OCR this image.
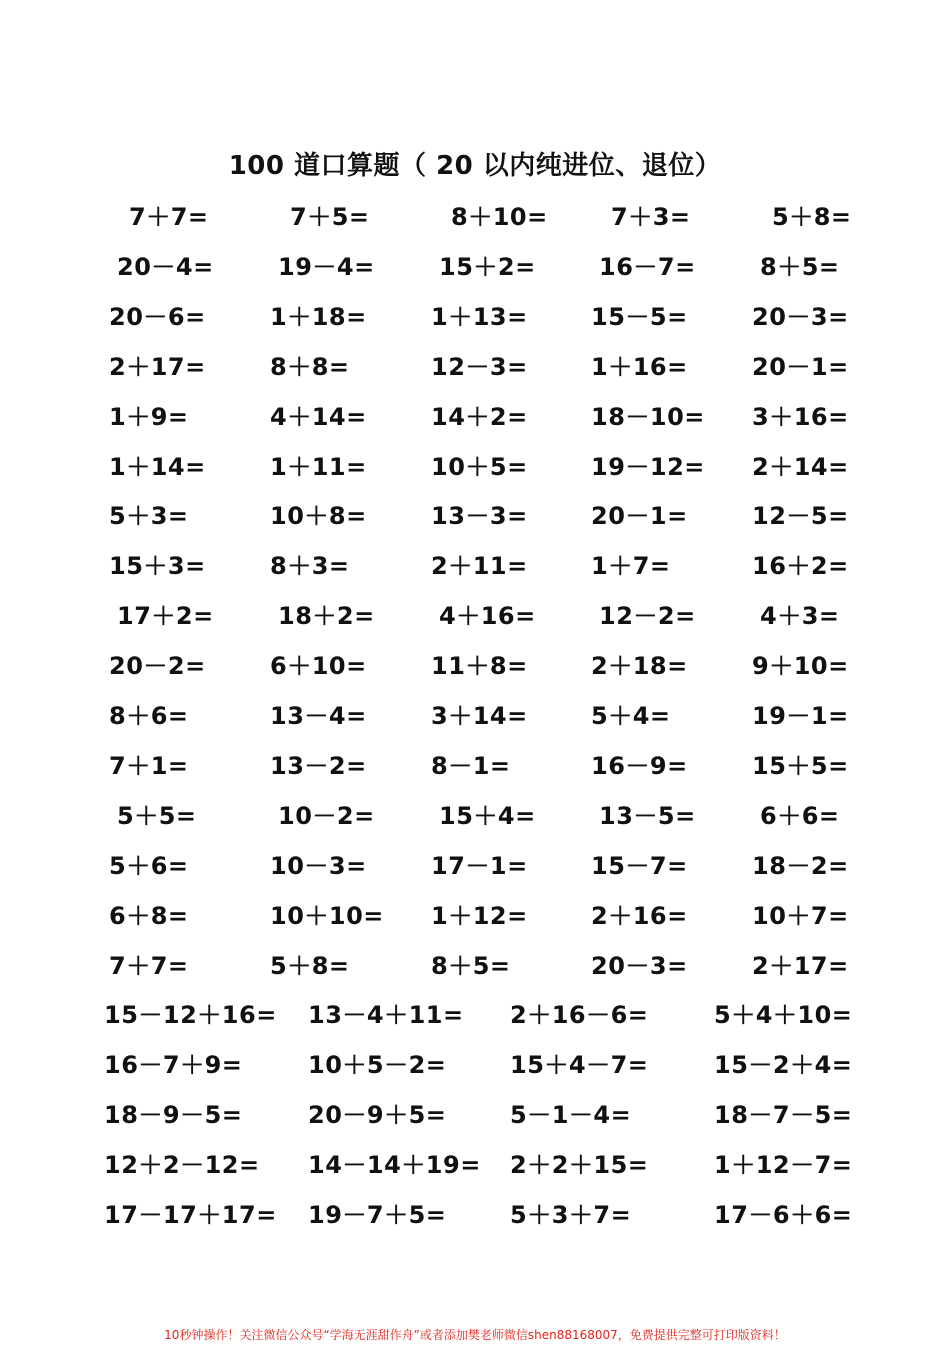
100 道口算题（ 20 以内纯进位、退位）
7＋7=	7＋5=	8＋10=	7＋3=	5＋8=
20－4=	19－4=	15＋2=	16－7=	8＋5=
20－6=	1＋18=	1＋13=	15－5=	20－3=
2＋17=	8＋8=	12－3=	1＋16=	20－1=
1＋9=	4＋14=	14＋2=	18－10= 3＋16=
1＋14=	1＋11=	10＋5=	19－12= 2＋14=
5＋3=	10＋8=	13－3=	20－1=	12－5=
15＋3=	8＋3=	2＋11=	1＋7=	16＋2=
17＋2=	18＋2=	4＋16=	12－2=	4＋3=
20－2=	6＋10=	11＋8=	2＋18=	9＋10=
8＋6=	13－4=	3＋14=	5＋4=	19－1=
7＋1=	13－2=	8－1=	16－9=	15＋5=
5＋5=	10－2=	15＋4=	13－5=	6＋6=
5＋6=	10－3=	17－1=	15－7=	18－2=
6＋8=	10＋10= 1＋12=	2＋16=	10＋7=
7＋7=	5＋8=	8＋5=	20－3=	2＋17=
15－12＋16= 13－4＋11= 2＋16－6=	5＋4＋10=
16－7＋9=	10＋5－2=	15＋4－7=	15－2＋4=
18－9－5=	20－9＋5=	5－1－4=	18－7－5=
12＋2－12= 14－14＋19= 2＋2＋15=	1＋12－7=
17－17＋17= 19－7＋5=	5＋3＋7=	17－6＋6=
10秒钟操作！关注微信公众号“学海无涯甜作舟”或者添加樊老师微信shen88168007，免费提供完整可打印版资料！
